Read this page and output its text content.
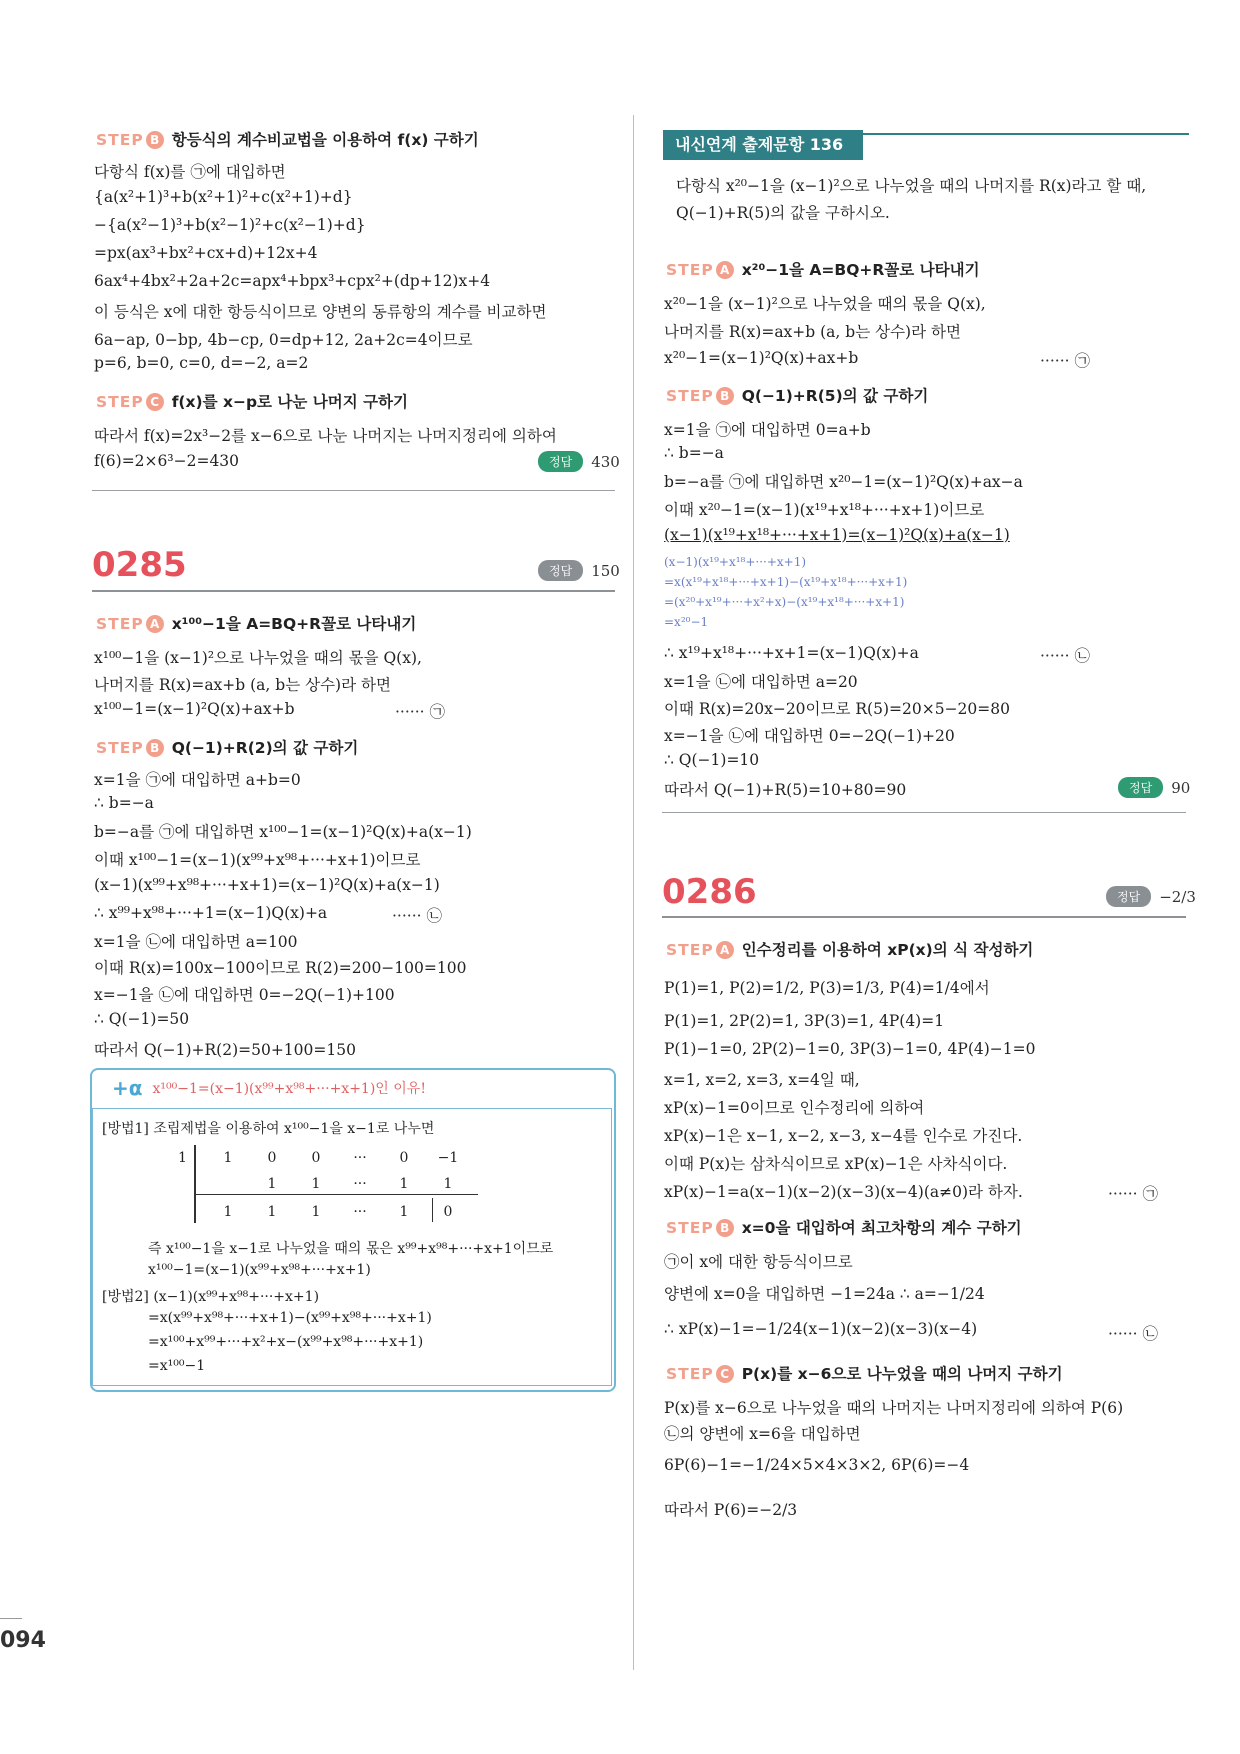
STEP B 항등식의 계수비교법을 이용하여 f(x) 구하기
다항식 f(x)를 ㉠에 대입하면
{a(x²+1)³+b(x²+1)²+c(x²+1)+d}
−{a(x²−1)³+b(x²−1)²+c(x²−1)+d}
=px(ax³+bx²+cx+d)+12x+4
6ax⁴+4bx²+2a+2c=apx⁴+bpx³+cpx²+(dp+12)x+4
이 등식은 x에 대한 항등식이므로 양변의 동류항의 계수를 비교하면
6a−ap, 0−bp, 4b−cp, 0=dp+12, 2a+2c=4이므로
p=6, b=0, c=0, d=−2, a=2
STEP C f(x)를 x−p로 나눈 나머지 구하기
따라서 f(x)=2x³−2를 x−6으로 나눈 나머지는 나머지정리에 의하여
f(6)=2×6³−2=430	정답	430
0285	정답	150
STEP A x¹⁰⁰−1을 A=BQ+R꼴로 나타내기
x¹⁰⁰−1을 (x−1)²으로 나누었을 때의 몫을 Q(x),
나머지를 R(x)=ax+b (a, b는 상수)라 하면
x¹⁰⁰−1=(x−1)²Q(x)+ax+b	······ ㉠
STEP B Q(−1)+R(2)의 값 구하기
x=1을 ㉠에 대입하면 a+b=0
∴ b=−a
b=−a를 ㉠에 대입하면 x¹⁰⁰−1=(x−1)²Q(x)+a(x−1)
이때 x¹⁰⁰−1=(x−1)(x⁹⁹+x⁹⁸+···+x+1)이므로
(x−1)(x⁹⁹+x⁹⁸+···+x+1)=(x−1)²Q(x)+a(x−1)
∴ x⁹⁹+x⁹⁸+···+1=(x−1)Q(x)+a	······ ㉡
x=1을 ㉡에 대입하면 a=100
이때 R(x)=100x−100이므로 R(2)=200−100=100
x=−1을 ㉡에 대입하면 0=−2Q(−1)+100
∴ Q(−1)=50
따라서 Q(−1)+R(2)=50+100=150
+α x¹⁰⁰−1=(x−1)(x⁹⁹+x⁹⁸+···+x+1)인 이유!
[방법1] 조립제법을 이용하여 x¹⁰⁰−1을 x−1로 나누면
1	1	0	0	···	0	−1
	1	1	···	1	1
1	1	1	···	1	0
즉 x¹⁰⁰−1을 x−1로 나누었을 때의 몫은 x⁹⁹+x⁹⁸+···+x+1이므로
x¹⁰⁰−1=(x−1)(x⁹⁹+x⁹⁸+···+x+1)
[방법2] (x−1)(x⁹⁹+x⁹⁸+···+x+1)
=x(x⁹⁹+x⁹⁸+···+x+1)−(x⁹⁹+x⁹⁸+···+x+1)
=x¹⁰⁰+x⁹⁹+···+x²+x−(x⁹⁹+x⁹⁸+···+x+1)
=x¹⁰⁰−1
내신연계 출제문항 136
다항식 x²⁰−1을 (x−1)²으로 나누었을 때의 나머지를 R(x)라고 할 때,
Q(−1)+R(5)의 값을 구하시오.
STEP A x²⁰−1을 A=BQ+R꼴로 나타내기
x²⁰−1을 (x−1)²으로 나누었을 때의 몫을 Q(x),
나머지를 R(x)=ax+b (a, b는 상수)라 하면
x²⁰−1=(x−1)²Q(x)+ax+b	······ ㉠
STEP B Q(−1)+R(5)의 값 구하기
x=1을 ㉠에 대입하면 0=a+b
∴ b=−a
b=−a를 ㉠에 대입하면 x²⁰−1=(x−1)²Q(x)+ax−a
이때 x²⁰−1=(x−1)(x¹⁹+x¹⁸+···+x+1)이므로
(x−1)(x¹⁹+x¹⁸+···+x+1)=(x−1)²Q(x)+a(x−1)
(x−1)(x¹⁹+x¹⁸+···+x+1)
=x(x¹⁹+x¹⁸+···+x+1)−(x¹⁹+x¹⁸+···+x+1)
=(x²⁰+x¹⁹+···+x²+x)−(x¹⁹+x¹⁸+···+x+1)
=x²⁰−1
∴ x¹⁹+x¹⁸+···+x+1=(x−1)Q(x)+a	······ ㉡
x=1을 ㉡에 대입하면 a=20
이때 R(x)=20x−20이므로 R(5)=20×5−20=80
x=−1을 ㉡에 대입하면 0=−2Q(−1)+20
∴ Q(−1)=10
따라서 Q(−1)+R(5)=10+80=90	정답	90
0286	정답	−2/3
STEP A 인수정리를 이용하여 xP(x)의 식 작성하기
P(1)=1, P(2)=1/2, P(3)=1/3, P(4)=1/4에서
P(1)=1, 2P(2)=1, 3P(3)=1, 4P(4)=1
P(1)−1=0, 2P(2)−1=0, 3P(3)−1=0, 4P(4)−1=0
x=1, x=2, x=3, x=4일 때,
xP(x)−1=0이므로 인수정리에 의하여
xP(x)−1은 x−1, x−2, x−3, x−4를 인수로 가진다.
이때 P(x)는 삼차식이므로 xP(x)−1은 사차식이다.
xP(x)−1=a(x−1)(x−2)(x−3)(x−4)(a≠0)라 하자.	······ ㉠
STEP B x=0을 대입하여 최고차항의 계수 구하기
㉠이 x에 대한 항등식이므로
양변에 x=0을 대입하면 −1=24a ∴ a=−1/24
∴ xP(x)−1=−1/24(x−1)(x−2)(x−3)(x−4)	······ ㉡
STEP C P(x)를 x−6으로 나누었을 때의 나머지 구하기
P(x)를 x−6으로 나누었을 때의 나머지는 나머지정리에 의하여 P(6)
㉡의 양변에 x=6을 대입하면
6P(6)−1=−1/24×5×4×3×2, 6P(6)=−4
따라서 P(6)=−2/3
094
